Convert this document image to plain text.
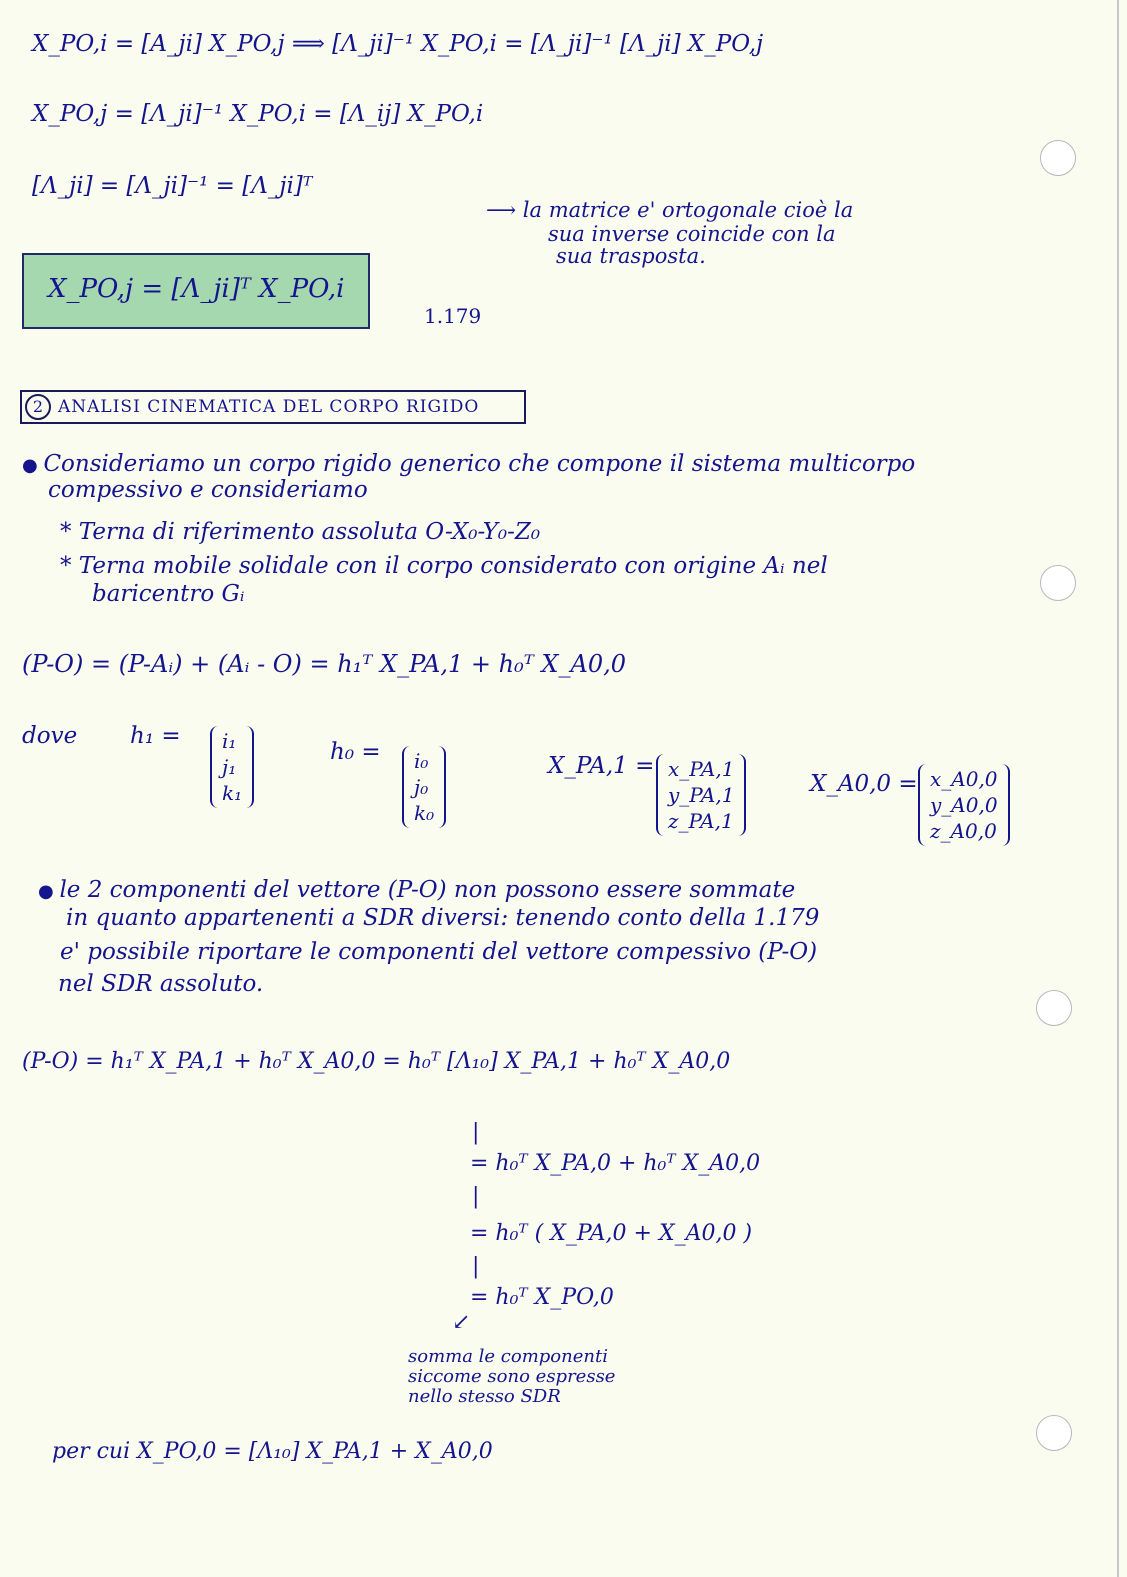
X_PO,i = [A_ji] X_PO,j ⟹ [Λ_ji]⁻¹ X_PO,i = [Λ_ji]⁻¹ [Λ_ji] X_PO,j
X_PO,j = [Λ_ji]⁻¹ X_PO,i = [Λ_ij] X_PO,i
[Λ_ji] = [Λ_ji]⁻¹ = [Λ_ji]ᵀ
⟶ la matrice e' ortogonale cioè la
sua inverse coincide con la
sua trasposta.
X_PO,j = [Λ_ji]ᵀ X_PO,i
1.179
2 ANALISI CINEMATICA DEL CORPO RIGIDO
● Consideriamo un corpo rigido generico che compone il sistema multicorpo
compessivo e consideriamo
* Terna di riferimento assoluta O-X₀-Y₀-Z₀
* Terna mobile solidale con il corpo considerato con origine Aᵢ nel
baricentro Gᵢ
(P-O) = (P-Aᵢ) + (Aᵢ - O) = h₁ᵀ X_PA,1 + h₀ᵀ X_A0,0
dove h₁ = i₁
j₁
k₁
h₀ = i₀
j₀
k₀
X_PA,1 = x_PA,1
y_PA,1
z_PA,1
X_A0,0 = x_A0,0
y_A0,0
z_A0,0
● le 2 componenti del vettore (P-O) non possono essere sommate
in quanto appartenenti a SDR diversi: tenendo conto della 1.179
e' possibile riportare le componenti del vettore compessivo (P-O)
nel SDR assoluto.
(P-O) = h₁ᵀ X_PA,1 + h₀ᵀ X_A0,0 = h₀ᵀ [Λ₁₀] X_PA,1 + h₀ᵀ X_A0,0
|
= h₀ᵀ X_PA,0 + h₀ᵀ X_A0,0
|
= h₀ᵀ ( X_PA,0 + X_A0,0 )
|
= h₀ᵀ X_PO,0
↙
somma le componenti
siccome sono espresse
nello stesso SDR
per cui X_PO,0 = [Λ₁₀] X_PA,1 + X_A0,0
